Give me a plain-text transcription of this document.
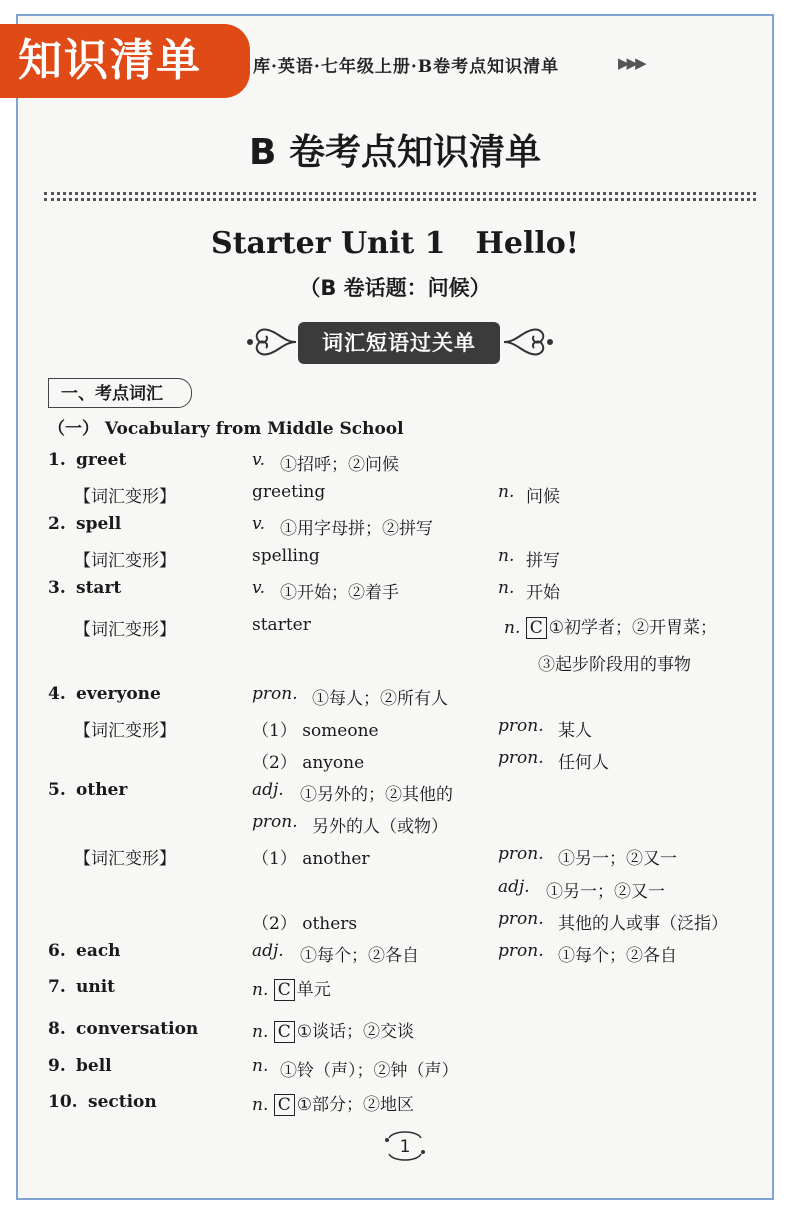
知识清单	库·英语·七年级上册·B卷考点知识清单	▶▶▶
B 卷考点知识清单
Starter Unit 1　Hello!
（B 卷话题：问候）
词汇短语过关单
一、考点词汇
（一） Vocabulary from Middle School
1. greet	v. ①招呼；②问候
【词汇变形】	greeting	n. 问候
2. spell	v. ①用字母拼；②拼写
【词汇变形】	spelling	n. 拼写
3. start	v. ①开始；②着手	n. 开始
【词汇变形】	starter	n. C ①初学者；②开胃菜；
③起步阶段用的事物
4. everyone	pron. ①每人；②所有人
【词汇变形】	（1） someone	pron. 某人
（2） anyone	pron. 任何人
5. other	adj. ①另外的；②其他的
pron. 另外的人（或物）
【词汇变形】	（1） another	pron. ①另一；②又一
adj. ①另一；②又一
（2） others	pron. 其他的人或事（泛指）
6. each	adj. ①每个；②各自	pron. ①每个；②各自
7. unit	n. C 单元
8. conversation	n. C ①谈话；②交谈
9. bell	n. ①铃（声）；②钟（声）
10. section	n. C ①部分；②地区
1
